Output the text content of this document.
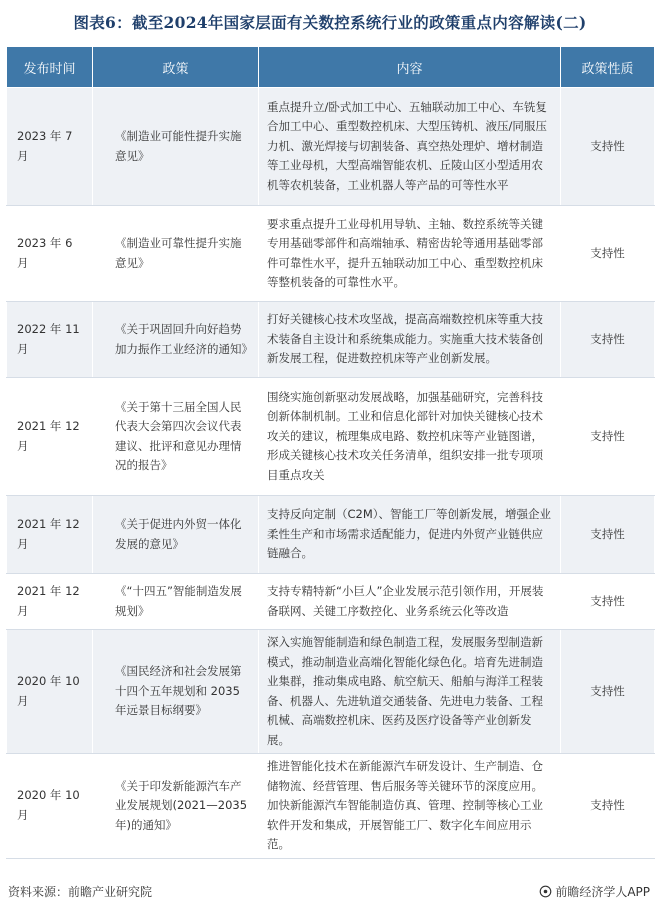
图表6：截至2024年国家层面有关数控系统行业的政策重点内容解读(二)
发布时间	政策	内容	政策性质
2023 年 7 月	《制造业可能性提升实施意见》	重点提升立/卧式加工中心、五轴联动加工中心、车铣复合加工中心、重型数控机床、大型压铸机、液压/同服压力机、激光焊接与切割装备、真空热处理炉、增材制造等工业母机，大型高端智能农机、丘陵山区小型适用农机等农机装备，工业机器人等产品的可等性水平	支持性
2023 年 6 月	《制造业可靠性提升实施意见》	要求重点提升工业母机用导轨、主轴、数控系统等关键专用基础零部件和高端轴承、精密齿轮等通用基础零部件可靠性水平，提升五轴联动加工中心、重型数控机床等整机装备的可靠性水平。	支持性
2022 年 11 月	《关于巩固回升向好趋势加力振作工业经济的通知》	打好关键核心技术攻坚战，提高高端数控机床等重大技术装备自主设计和系统集成能力。实施重大技术装备创新发展工程，促进数控机床等产业创新发展。	支持性
2021 年 12 月	《关于第十三届全国人民代表大会第四次会议代表建议、批评和意见办理情况的报告》	围绕实施创新驱动发展战略，加强基础研究，完善科技创新体制机制。工业和信息化部针对加快关键核心技术攻关的建议，梳理集成电路、数控机床等产业链图谱，形成关键核心技术攻关任务清单，组织安排一批专项项目重点攻关	支持性
2021 年 12 月	《关于促进内外贸一体化发展的意见》	支持反向定制（C2M）、智能工厂等创新发展，增强企业柔性生产和市场需求适配能力，促进内外贸产业链供应链融合。	支持性
2021 年 12 月	《“十四五”智能制造发展规划》	支持专精特新“小巨人”企业发展示范引领作用，开展装备联网、关键工序数控化、业务系统云化等改造	支持性
2020 年 10 月	《国民经济和社会发展第十四个五年规划和 2035 年远景目标纲要》	深入实施智能制造和绿色制造工程，发展服务型制造新模式，推动制造业高端化智能化绿色化。培育先进制造业集群，推动集成电路、航空航天、船舶与海洋工程装备、机器人、先进轨道交通装备、先进电力装备、工程机械、高端数控机床、医药及医疗设备等产业创新发展。	支持性
2020 年 10 月	《关于印发新能源汽车产业发展规划(2021—2035 年)的通知》	推进智能化技术在新能源汽车研发设计、生产制造、仓储物流、经营管理、售后服务等关键环节的深度应用。加快新能源汽车智能制造仿真、管理、控制等核心工业软件开发和集成，开展智能工厂、数字化车间应用示范。	支持性
资料来源：前瞻产业研究院	前瞻经济学人APP
